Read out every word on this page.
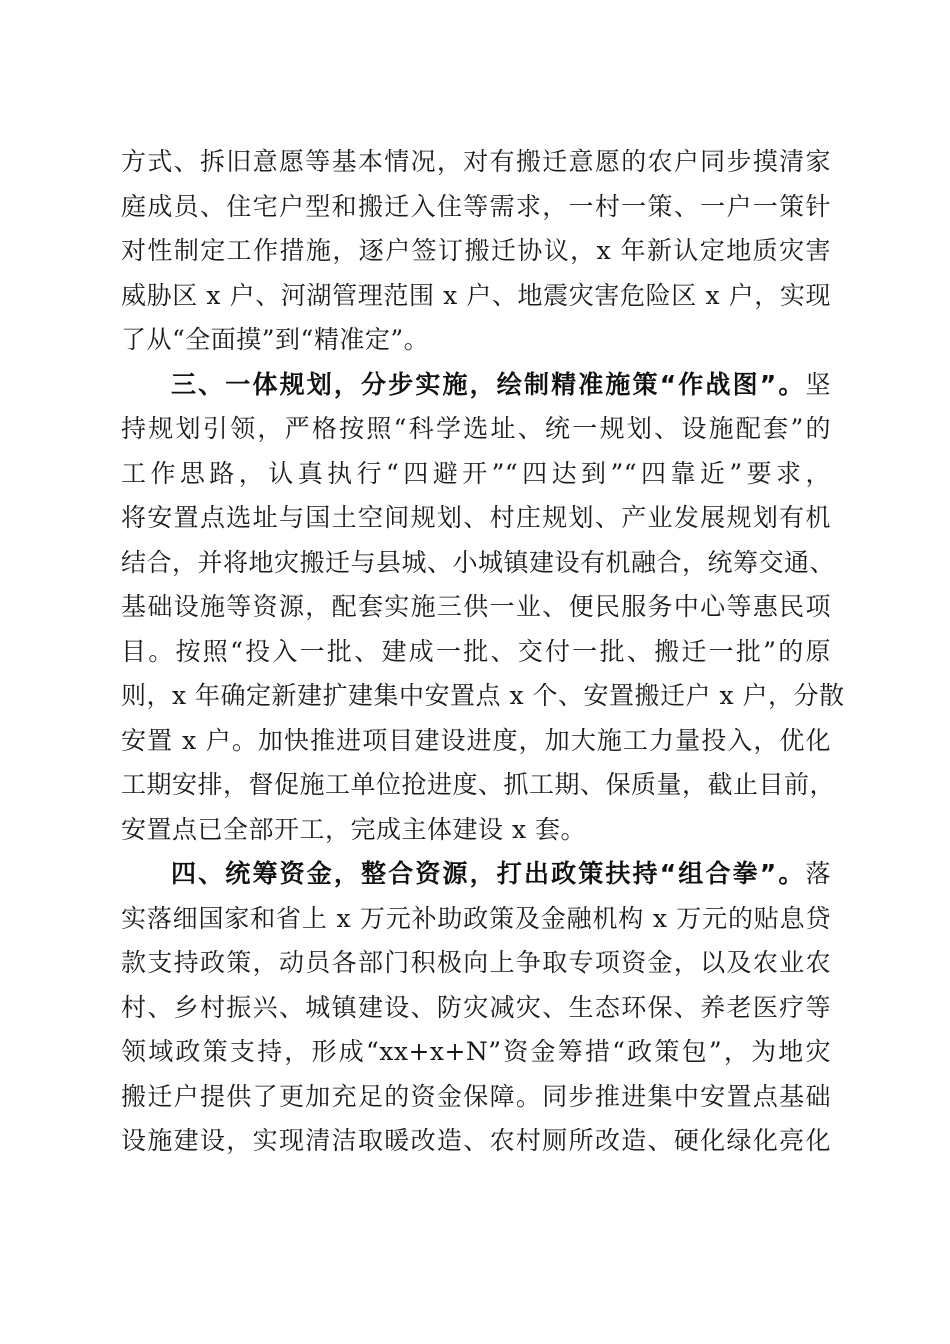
方式、拆旧意愿等基本情况，对有搬迁意愿的农户同步摸清家
庭成员、住宅户型和搬迁入住等需求，一村一策、一户一策针
对性制定工作措施，逐户签订搬迁协议，x 年新认定地质灾害
威胁区 x 户、河湖管理范围 x 户、地震灾害危险区 x 户，实现
了从“全面摸”到“精准定”。
三、一体规划，分步实施，绘制精准施策“作战图”。坚
持规划引领，严格按照“科学选址、统一规划、设施配套”的
工作思路，认真执行“四避开”“四达到”“四靠近”要求，
将安置点选址与国土空间规划、村庄规划、产业发展规划有机
结合，并将地灾搬迁与县城、小城镇建设有机融合，统筹交通、
基础设施等资源，配套实施三供一业、便民服务中心等惠民项
目。按照“投入一批、建成一批、交付一批、搬迁一批”的原
则，x 年确定新建扩建集中安置点 x 个、安置搬迁户 x 户，分散
安置 x 户。加快推进项目建设进度，加大施工力量投入，优化
工期安排，督促施工单位抢进度、抓工期、保质量，截止目前，
安置点已全部开工，完成主体建设 x 套。
四、统筹资金，整合资源，打出政策扶持“组合拳”。落
实落细国家和省上 x 万元补助政策及金融机构 x 万元的贴息贷
款支持政策，动员各部门积极向上争取专项资金，以及农业农
村、乡村振兴、城镇建设、防灾减灾、生态环保、养老医疗等
领域政策支持，形成“xx+x+N”资金筹措“政策包”，为地灾
搬迁户提供了更加充足的资金保障。同步推进集中安置点基础
设施建设，实现清洁取暖改造、农村厕所改造、硬化绿化亮化
